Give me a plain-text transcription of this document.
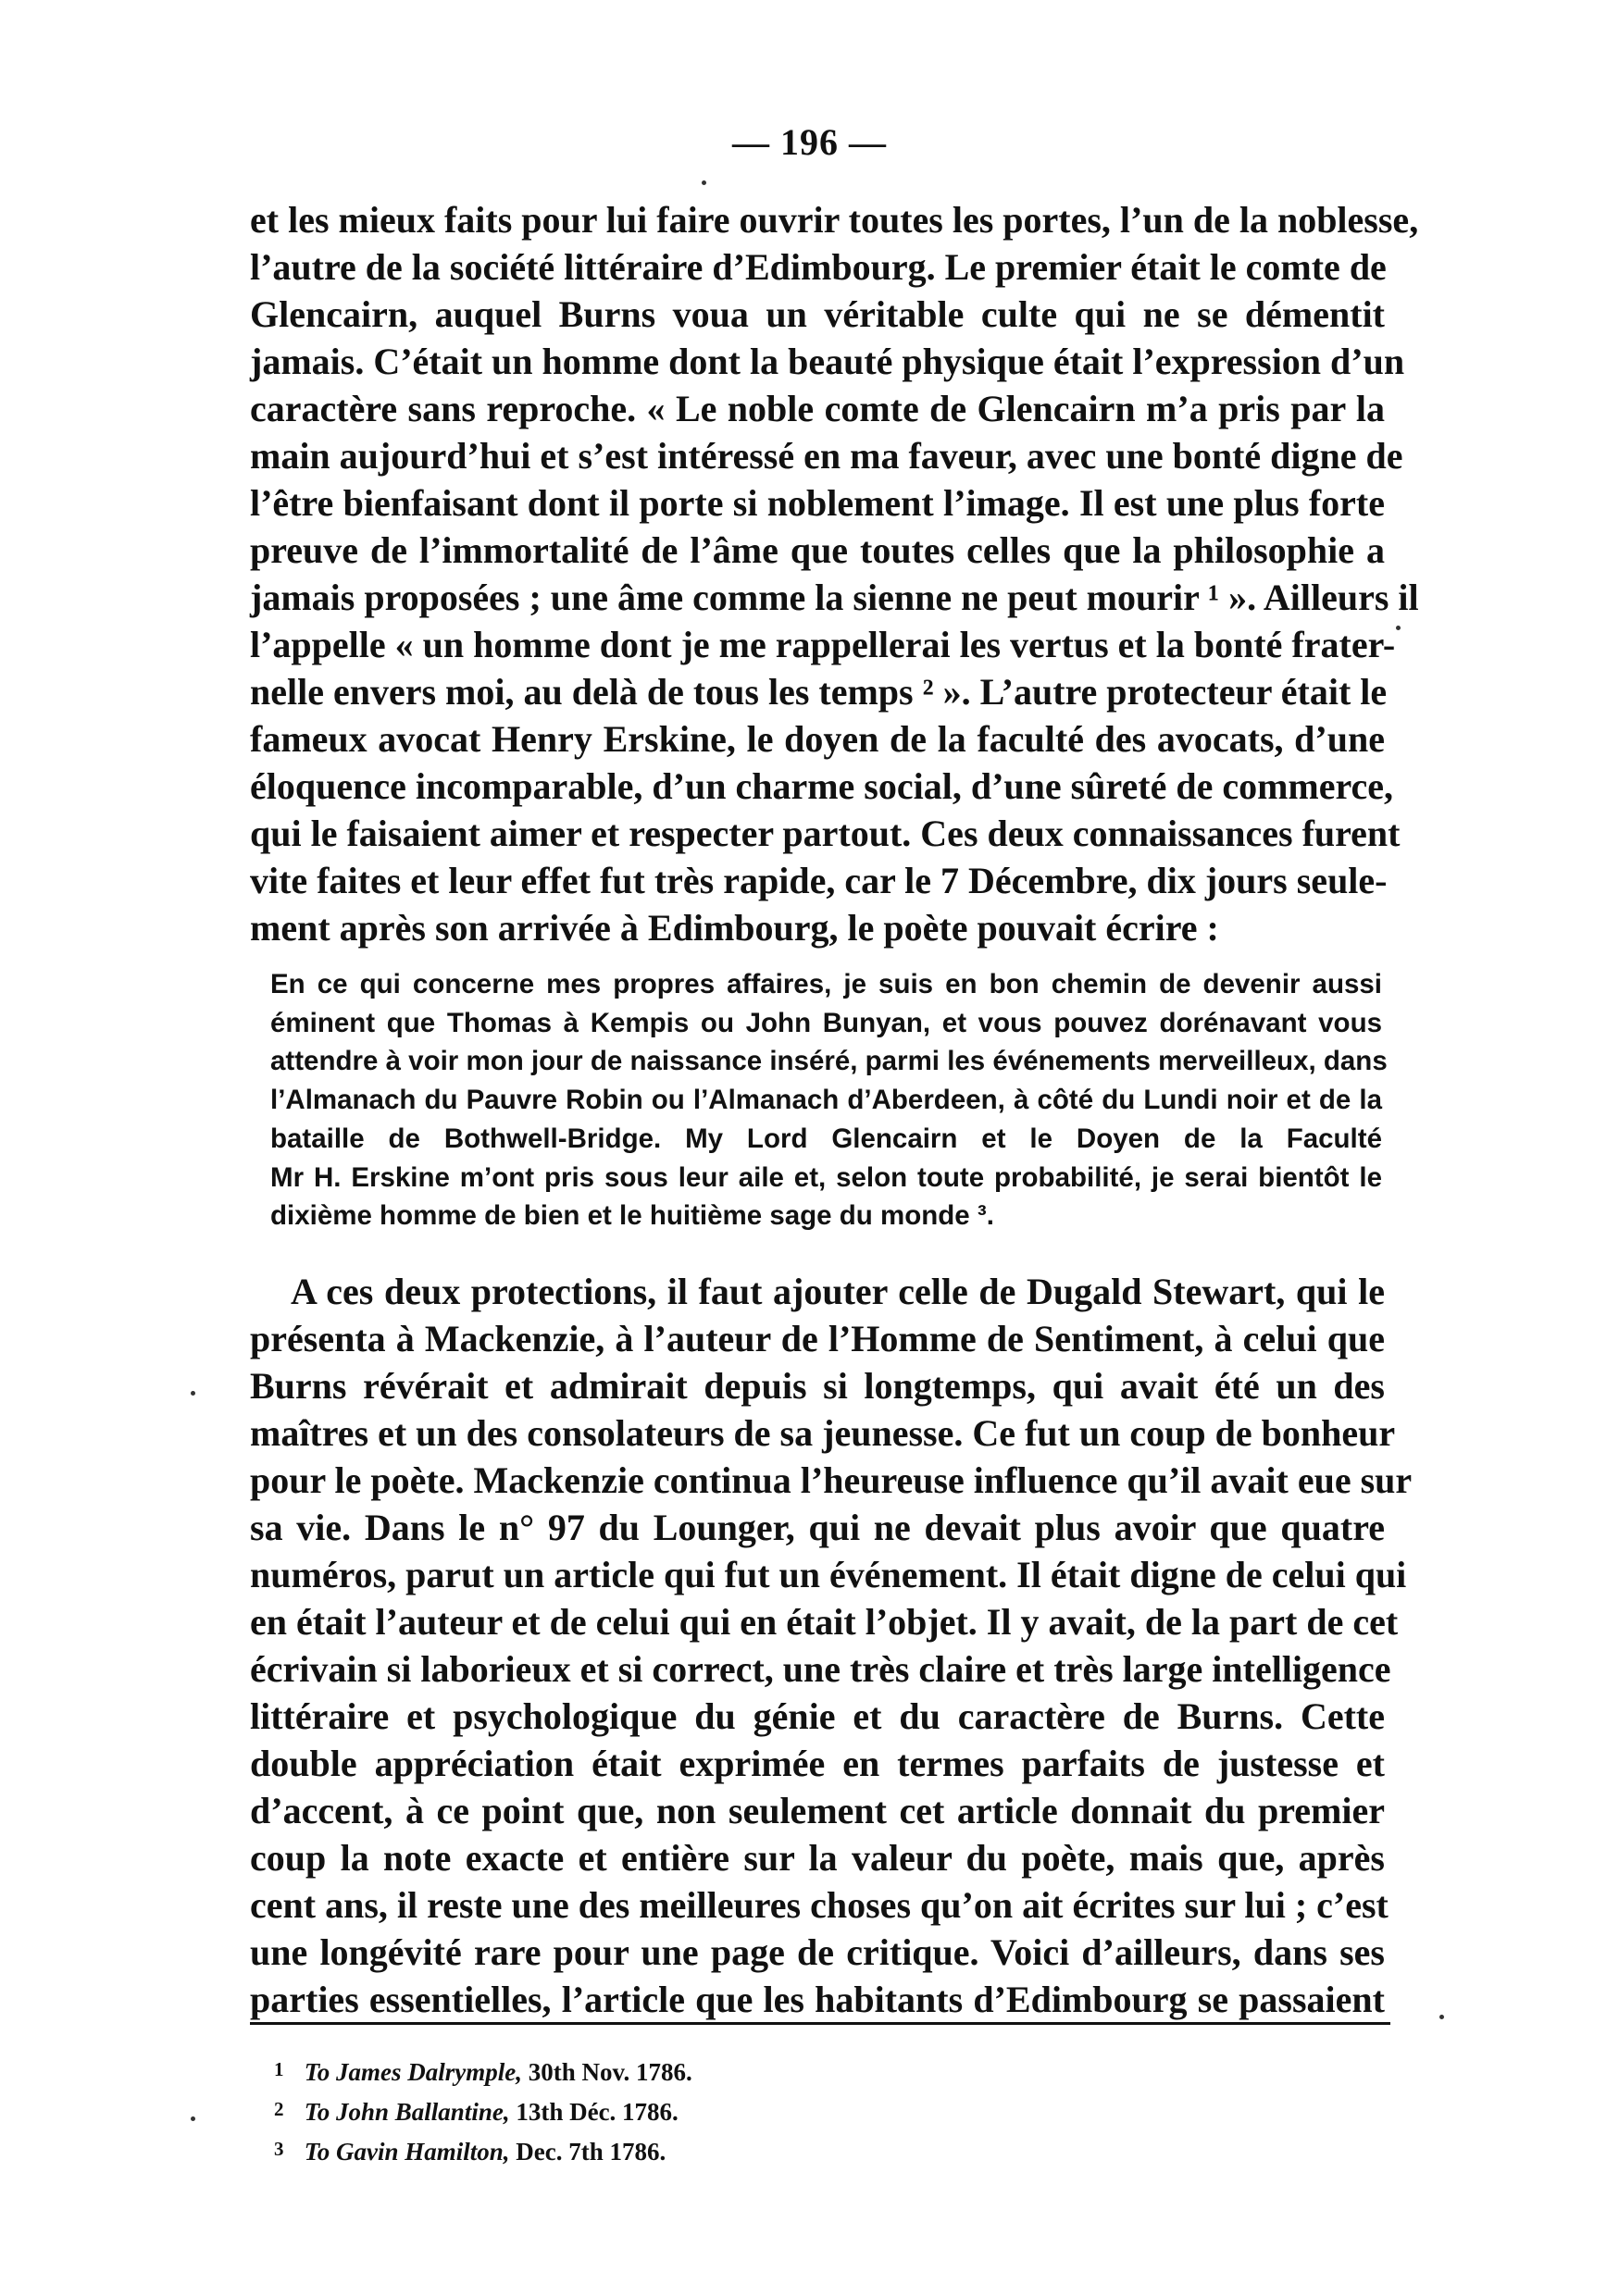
— 196 —
et les mieux faits pour lui faire ouvrir toutes les portes, l’un de la noblesse,
l’autre de la société littéraire d’Edimbourg. Le premier était le comte de
Glencairn, auquel Burns voua un véritable culte qui ne se démentit
jamais. C’était un homme dont la beauté physique était l’expression d’un
caractère sans reproche. « Le noble comte de Glencairn m’a pris par la
main aujourd’hui et s’est intéressé en ma faveur, avec une bonté digne de
l’être bienfaisant dont il porte si noblement l’image. Il est une plus forte
preuve de l’immortalité de l’âme que toutes celles que la philosophie a
jamais proposées ; une âme comme la sienne ne peut mourir ¹ ». Ailleurs il
l’appelle « un homme dont je me rappellerai les vertus et la bonté frater-
nelle envers moi, au delà de tous les temps ² ». L’autre protecteur était le
fameux avocat Henry Erskine, le doyen de la faculté des avocats, d’une
éloquence incomparable, d’un charme social, d’une sûreté de commerce,
qui le faisaient aimer et respecter partout. Ces deux connaissances furent
vite faites et leur effet fut très rapide, car le 7 Décembre, dix jours seule-
ment après son arrivée à Edimbourg, le poète pouvait écrire :
En ce qui concerne mes propres affaires, je suis en bon chemin de devenir aussi
éminent que Thomas à Kempis ou John Bunyan, et vous pouvez dorénavant vous
attendre à voir mon jour de naissance inséré, parmi les événements merveilleux, dans
l’Almanach du Pauvre Robin ou l’Almanach d’Aberdeen, à côté du Lundi noir et de la
bataille de Bothwell-Bridge. My Lord Glencairn et le Doyen de la Faculté
Mr H. Erskine m’ont pris sous leur aile et, selon toute probabilité, je serai bientôt le
dixième homme de bien et le huitième sage du monde ³.
A ces deux protections, il faut ajouter celle de Dugald Stewart, qui le
présenta à Mackenzie, à l’auteur de l’Homme de Sentiment, à celui que
Burns révérait et admirait depuis si longtemps, qui avait été un des
maîtres et un des consolateurs de sa jeunesse. Ce fut un coup de bonheur
pour le poète. Mackenzie continua l’heureuse influence qu’il avait eue sur
sa vie. Dans le n° 97 du Lounger, qui ne devait plus avoir que quatre
numéros, parut un article qui fut un événement. Il était digne de celui qui
en était l’auteur et de celui qui en était l’objet. Il y avait, de la part de cet
écrivain si laborieux et si correct, une très claire et très large intelligence
littéraire et psychologique du génie et du caractère de Burns. Cette
double appréciation était exprimée en termes parfaits de justesse et
d’accent, à ce point que, non seulement cet article donnait du premier
coup la note exacte et entière sur la valeur du poète, mais que, après
cent ans, il reste une des meilleures choses qu’on ait écrites sur lui ; c’est
une longévité rare pour une page de critique. Voici d’ailleurs, dans ses
parties essentielles, l’article que les habitants d’Edimbourg se passaient
1 To James Dalrymple, 30th Nov. 1786.
2 To John Ballantine, 13th Déc. 1786.
3 To Gavin Hamilton, Dec. 7th 1786.
